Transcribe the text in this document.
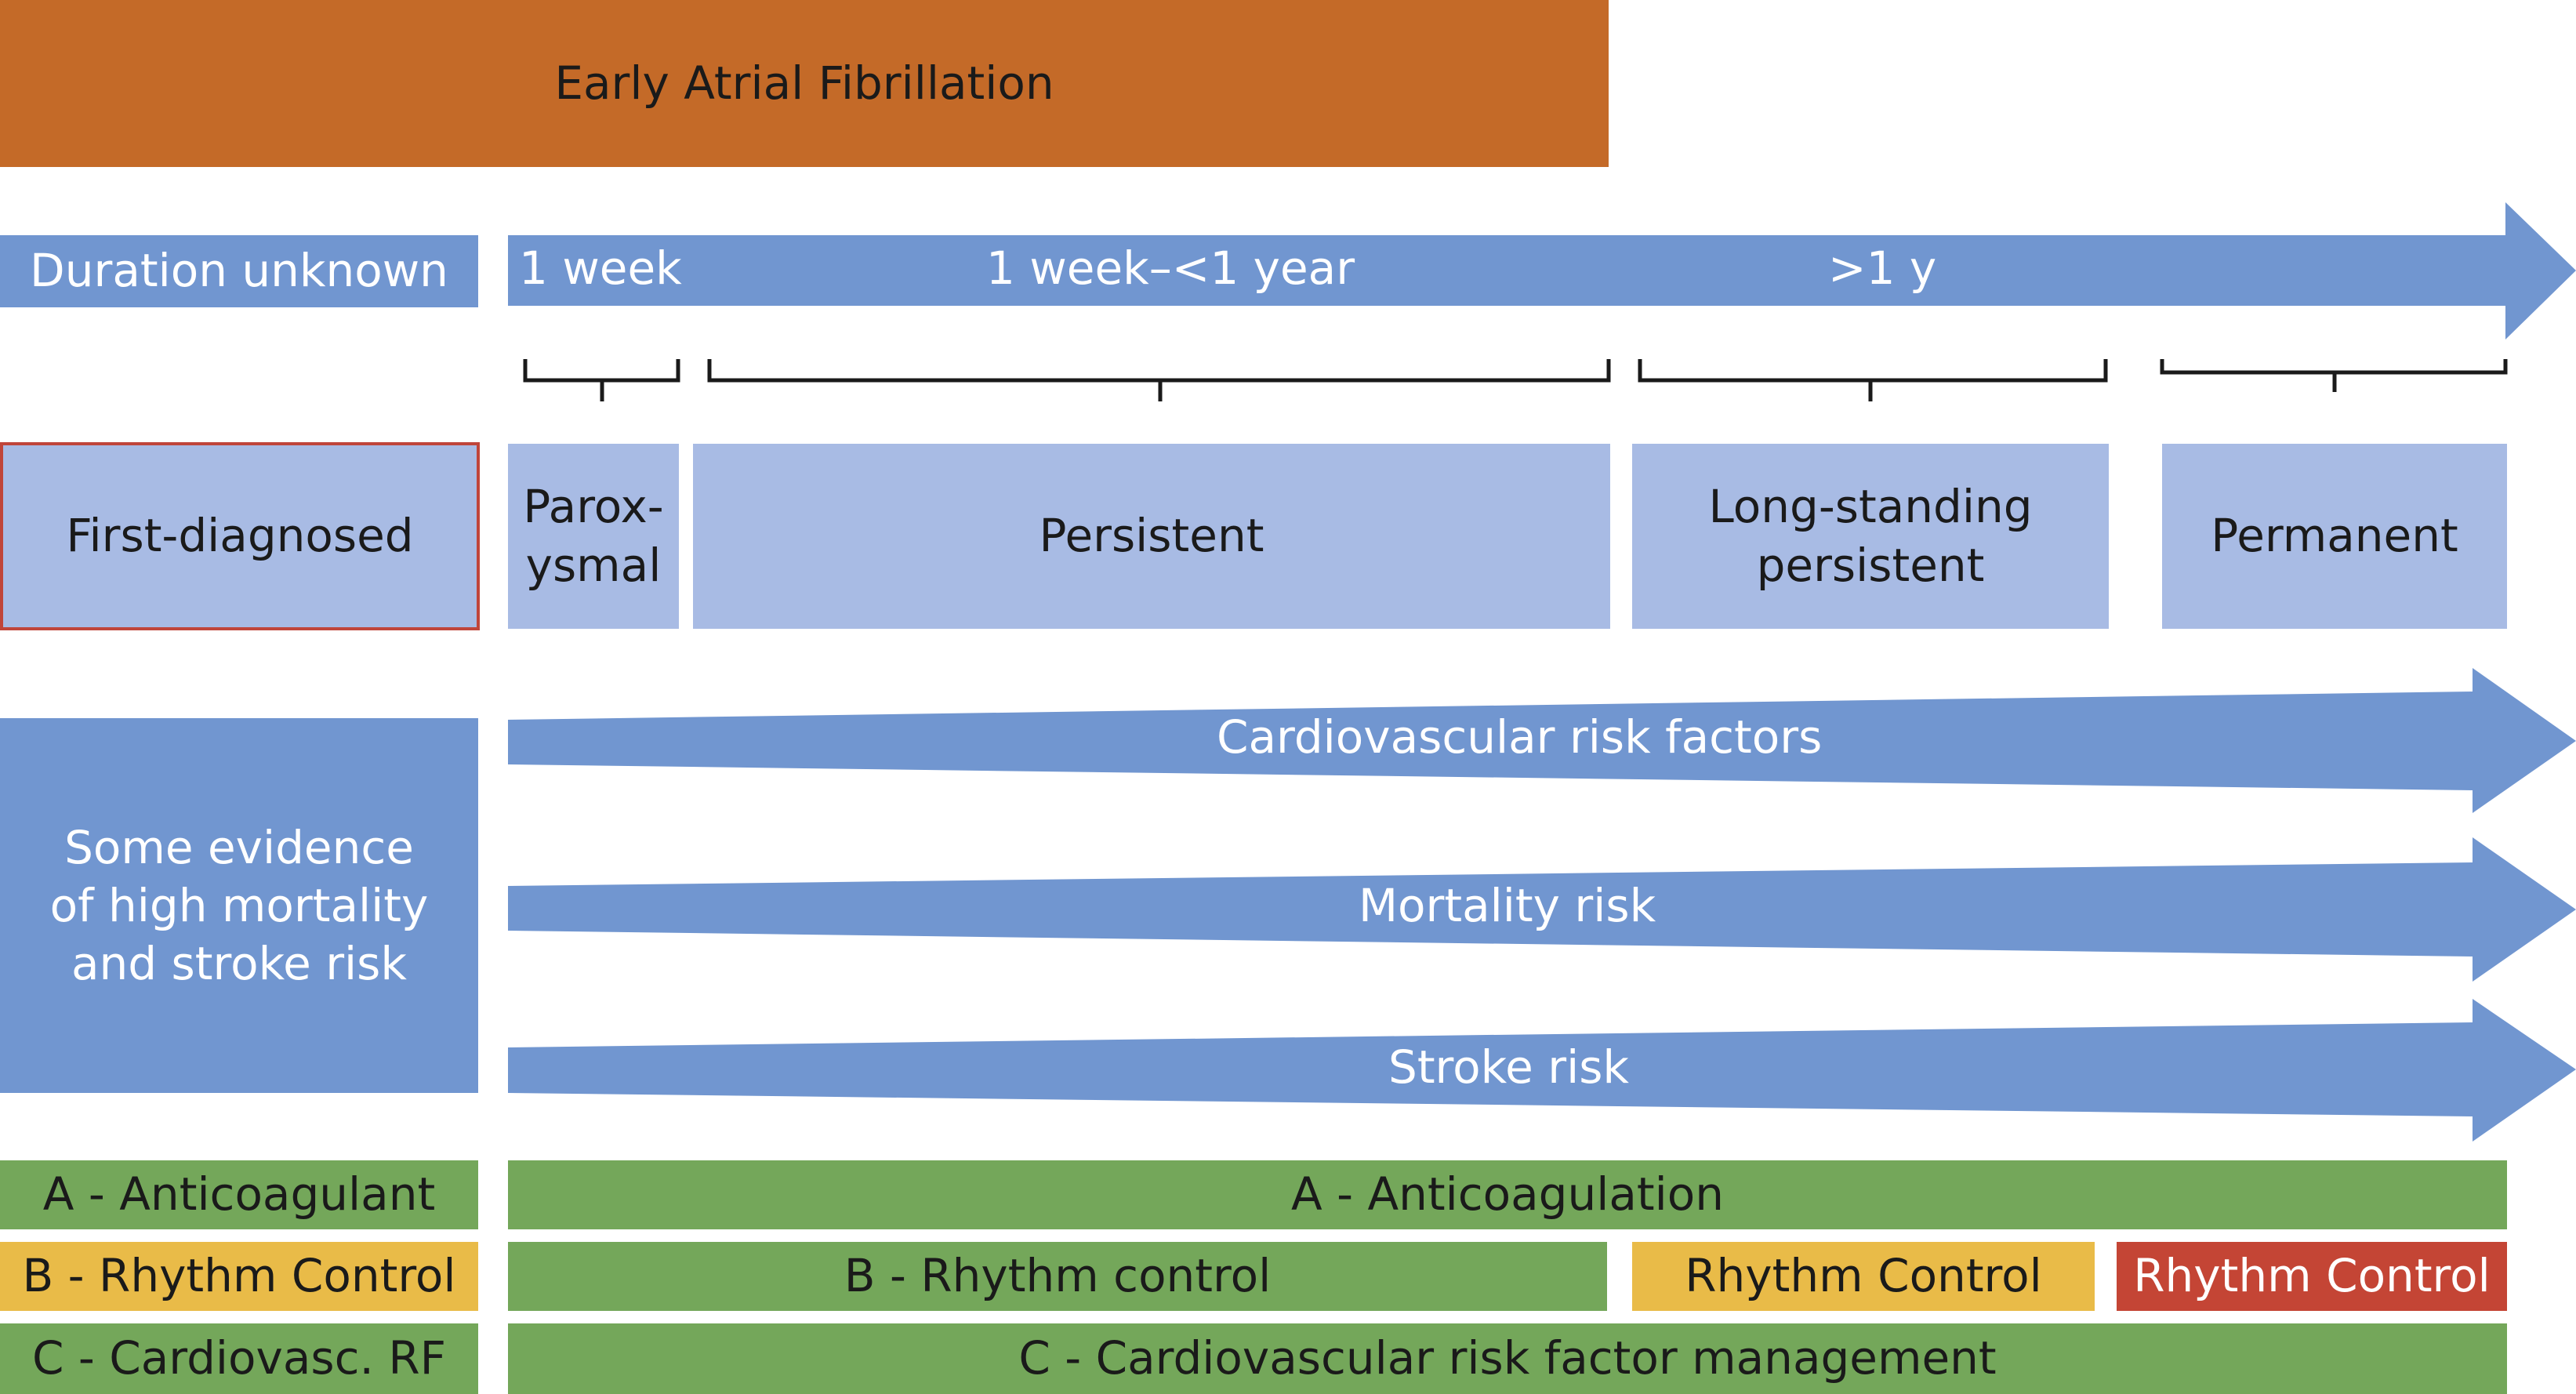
Early Atrial Fibrillation
Duration unknown 1 week	1 week–<1 year	>1 y
First-diagnosed
Parox-
ysmal
Persistent
Long-standing
persistent
Permanent
Some evidence
of high mortality
and stroke risk
Cardiovascular risk factors
Mortality risk
Stroke risk
A - Anticoagulant
B - Rhythm Control
C - Cardiovasc. RF
A - Anticoagulation
B - Rhythm control	Rhythm Control Rhythm Control
C - Cardiovascular risk factor management
